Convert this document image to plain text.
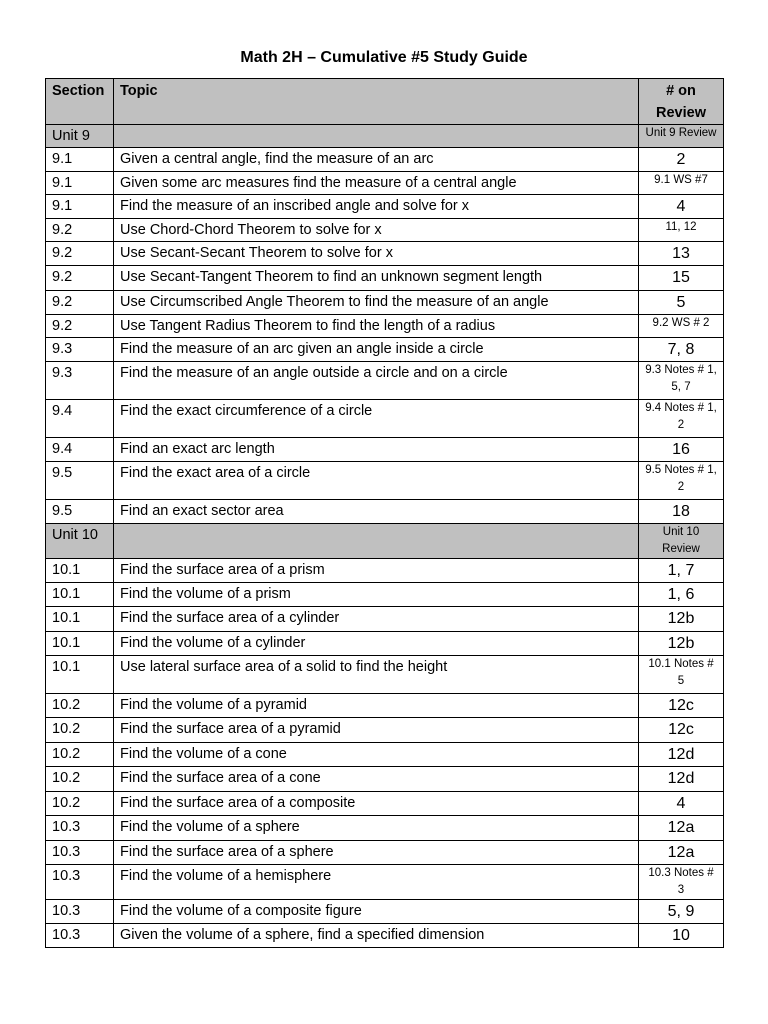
Math 2H – Cumulative #5 Study Guide
Section	Topic	# on Review
Unit 9		Unit 9 Review

9.1	Given a central angle, find the measure of an arc	2

9.1	Given some arc measures find the measure of a central angle	9.1 WS #7

9.1	Find the measure of an inscribed angle and solve for x	4

9.2	Use Chord-Chord Theorem to solve for x	11, 12

9.2	Use Secant-Secant Theorem to solve for x	13

9.2	Use Secant-Tangent Theorem to find an unknown segment length	15

9.2	Use Circumscribed Angle Theorem to find the measure of an angle	5

9.2	Use Tangent Radius Theorem to find the length of a radius	9.2 WS # 2

9.3	Find the measure of an arc given an angle inside a circle	7, 8

9.3	Find the measure of an angle outside a circle and on a circle	9.3 Notes # 1, 5, 7

9.4	Find the exact circumference of a circle	9.4 Notes # 1, 2

9.4	Find an exact arc length	16

9.5	Find the exact area of a circle	9.5 Notes # 1, 2

9.5	Find an exact sector area	18

Unit 10		Unit 10 Review

10.1	Find the surface area of a prism	1, 7

10.1	Find the volume of a prism	1, 6

10.1	Find the surface area of a cylinder	12b

10.1	Find the volume of a cylinder	12b

10.1	Use lateral surface area of a solid to find the height	10.1 Notes # 5

10.2	Find the volume of a pyramid	12c

10.2	Find the surface area of a pyramid	12c

10.2	Find the volume of a cone	12d

10.2	Find the surface area of a cone	12d

10.2	Find the surface area of a composite	4

10.3	Find the volume of a sphere	12a

10.3	Find the surface area of a sphere	12a

10.3	Find the volume of a hemisphere	10.3 Notes # 3

10.3	Find the volume of a composite figure	5, 9

10.3	Given the volume of a sphere, find a specified dimension	10
